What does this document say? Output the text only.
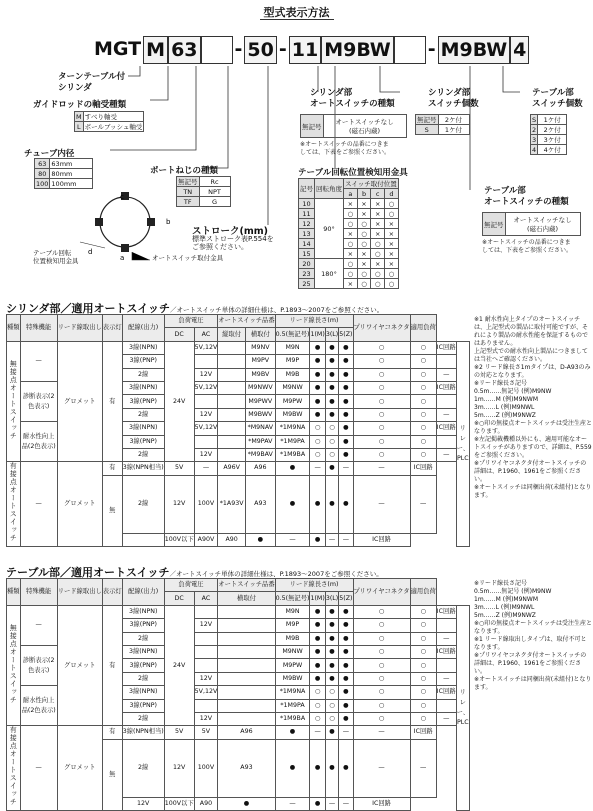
型式表示方法
MGT M 63 - 50 - 11 M9BW - M9BW 4
ターンテーブル付
シリンダ
ガイドロッドの軸受種類
M	すべり軸受
L	ボールブッシュ軸受
チューブ内径
63	63mm
80	80mm
100	100mm
ポートねじの種類
無記号	Rc
TN	NPT
TF	G
ストローク(mm)
標準ストローク表P.554を
ご参照ください。
d
b
a
c
テーブル回転
位置検知用金具	オートスイッチ取付金具
シリンダ部
オートスイッチの種類
無記号	オートスイッチなし
(磁石内蔵)
※オートスイッチの品番につきま
しては、下表をご参照ください。
シリンダ部
スイッチ個数
無記号	2ケ付
S	1ケ付
テーブル回転位置検知用金具
記号	回転角度	スイッチ取付位置			
		a	b	c	d
10	90°	×	×	×	○
11		○	×	×	○
12		○	○	×	×
13		×	○	×	×
14		○	○	○	×
15		×	×	○	×
20	180°	○	×	×	×
23		○	○	○	○
25		×	○	○	○
テーブル部
スイッチ個数
S	1ケ付
2	2ケ付
3	3ケ付
4	4ケ付
テーブル部
オートスイッチの種類
無記号	オートスイッチなし
(磁石内蔵)
※オートスイッチの品番につきま
しては、下表をご参照ください。
シリンダ部／適用オートスイッチ／オートスイッチ単体の詳細仕様は、P.1893～2007をご参照ください。
種類	特殊機能	リード線取出し	表示灯	配線(出力)	負荷電圧		オートスイッチ品番		リード線長さ(m)				プリワイヤコネクタ	適用負荷		
					DC	AC	縦取付	横取付	0.5(無記号)	1(M)	3(L)	5(Z)				
無接点オートスイッチ	—	グロメット	有	3線(NPN)	24V	5V,12V		M9NV	M9N	●	●	●	○	○	IC回路	リレー、PLC
				3線(PNP)				M9PV	M9P	●	●	●	○	○		
				2線		12V		M9BV	M9B	●	●	●	○	○	—	
	診断表示(2色表示)			3線(NPN)		5V,12V		M9NWV	M9NW	●	●	●	○	○	IC回路	
				3線(PNP)				M9PWV	M9PW	●	●	●	○	○		
				2線		12V		M9BWV	M9BW	●	●	●	○	○	—	
	耐水性向上品(2色表示)			3線(NPN)		5V,12V		*M9NAV	*1M9NA	○	○	●	○	○	IC回路	
				3線(PNP)				*M9PAV	*1M9PA	○	○	●	○	○		
				2線		12V		*M9BAV	*1M9BA	○	○	●	○	○	—	
有接点オートスイッチ	—	グロメット	有	3線(NPN相当)	5V	—	A96V	A96	●	—	●	—	—	IC回路		
			無	2線	12V	100V	*1A93V	A93	●	●	●	●	—	—		
					100V以下	A90V	A90	●	—	●	—	—	IC回路			
※1 耐水性向上タイプのオートスイッチは、上記型式の製品に取付可能ですが、それにより製品の耐水性能を保証するものではありません。
上記型式での耐水性向上製品につきましては当社へご確認ください。
※2 リード線長さ1mタイプは、D-A93のみの対応となります。
※リード線長さ記号
0.5m……無記号 (例)M9NW
1m……M (例)M9NWM
3m……L (例)M9NWL
5m……Z (例)M9NWZ
※○印の無接点オートスイッチは受注生産となります。
※左記掲載機種以外にも、適用可能なオートスイッチがありますので、詳細は、P.559をご参照ください。
※プリワイヤコネクタ付オートスイッチの詳細は、P.1960、1961をご参照ください。
※オートスイッチは同梱出荷(未組付)となります。
テーブル部／適用オートスイッチ／オートスイッチ単体の詳細仕様は、P.1893～2007をご参照ください。
種類	特殊機能	リード線取出し	表示灯	配線(出力)	負荷電圧		オートスイッチ品番	リード線長さ(m)				プリワイヤコネクタ	適用負荷		
					DC	AC	横取付	0.5(無記号)	1(M)	3(L)	5(Z)				
無接点オートスイッチ	—	グロメット	有	3線(NPN)	24V			M9N	●	●	●	○	○	IC回路	リレー、PLC
				3線(PNP)		12V		M9P	●	●	●	○	○		
				2線				M9B	●	●	●	○	○	—	
	診断表示(2色表示)			3線(NPN)				M9NW	●	●	●	○	○	IC回路	
				3線(PNP)				M9PW	●	●	●	○	○		
				2線		12V		M9BW	●	●	●	○	○	—	
	耐水性向上品(2色表示)			3線(NPN)		5V,12V		*1M9NA	○	○	●	○	○	IC回路	
				3線(PNP)				*1M9PA	○	○	●	○	○		
				2線		12V		*1M9BA	○	○	●	○	○	—	
有接点オートスイッチ	—	グロメット	有	3線(NPN相当)	5V	5V	A96	●	—	●	—	—	IC回路		
			無	2線	12V	100V	A93	●	●	●	●	—	—		
				12V	100V以下	A90	●	—	●	—	—	IC回路			
※リード線長さ記号
0.5m……無記号 (例)M9NW
1m……M (例)M9NWM
3m……L (例)M9NWL
5m……Z (例)M9NWZ
※○印の無接点オートスイッチは受注生産となります。
※1 リード線取出しタイプは、取付不可となります。
※プリワイヤコネクタ付オートスイッチの詳細は、P.1960、1961をご参照ください。
※オートスイッチは同梱出荷(未組付)となります。
